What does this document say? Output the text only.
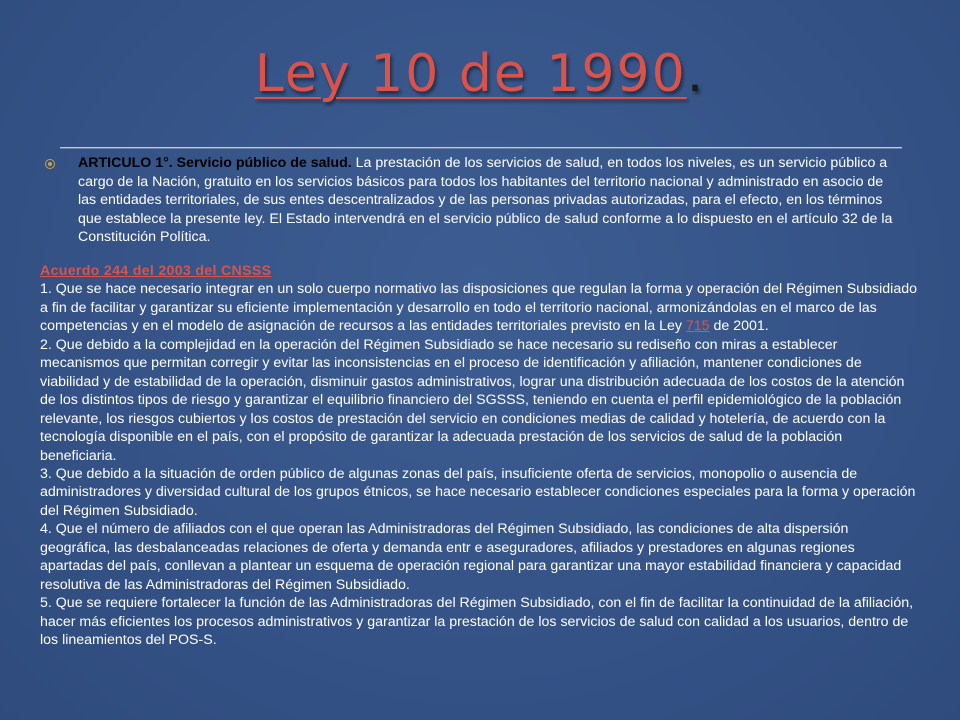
Ley 10 de 1990.
ARTICULO 1°. Servicio público de salud. La prestación de los servicios de salud, en todos los niveles, es un servicio público a cargo de la Nación, gratuito en los servicios básicos para todos los habitantes del territorio nacional y administrado en asocio de las entidades territoriales, de sus entes descentralizados y de las personas privadas autorizadas, para el efecto, en los términos que establece la presente ley. El Estado intervendrá en el servicio público de salud conforme a lo dispuesto en el artículo 32 de la Constitución Política.

Acuerdo 244 del 2003 del CNSSS

1. Que se hace necesario integrar en un solo cuerpo normativo las disposiciones que regulan la forma y operación del Régimen Subsidiado a fin de facilitar y garantizar su eficiente implementación y desarrollo en todo el territorio nacional, armonizándolas en el marco de las competencias y en el modelo de asignación de recursos a las entidades territoriales previsto en la Ley 715 de 2001.

2. Que debido a la complejidad en la operación del Régimen Subsidiado se hace necesario su rediseño con miras a establecer mecanismos que permitan corregir y evitar las inconsistencias en el proceso de identificación y afiliación, mantener condiciones de viabilidad y de estabilidad de la operación, disminuir gastos administrativos, lograr una distribución adecuada de los costos de la atención de los distintos tipos de riesgo y garantizar el equilibrio financiero del SGSSS, teniendo en cuenta el perfil epidemiológico de la población relevante, los riesgos cubiertos y los costos de prestación del servicio en condiciones medias de calidad y hotelería, de acuerdo con la tecnología disponible en el país, con el propósito de garantizar la adecuada prestación de los servicios de salud de la población beneficiaria.

3. Que debido a la situación de orden público de algunas zonas del país, insuficiente oferta de servicios, monopolio o ausencia de administradores y diversidad cultural de los grupos étnicos, se hace necesario establecer condiciones especiales para la forma y operación del Régimen Subsidiado.

4. Que el número de afiliados con el que operan las Administradoras del Régimen Subsidiado, las condiciones de alta dispersión geográfica, las desbalanceadas relaciones de oferta y demanda entr e aseguradores, afiliados y prestadores en algunas regiones apartadas del país, conllevan a plantear un esquema de operación regional para garantizar una mayor estabilidad financiera y capacidad resolutiva de las Administradoras del Régimen Subsidiado.

5. Que se requiere fortalecer la función de las Administradoras del Régimen Subsidiado, con el fin de facilitar la continuidad de la afiliación, hacer más eficientes los procesos administrativos y garantizar la prestación de los servicios de salud con calidad a los usuarios, dentro de los lineamientos del POS-S.
